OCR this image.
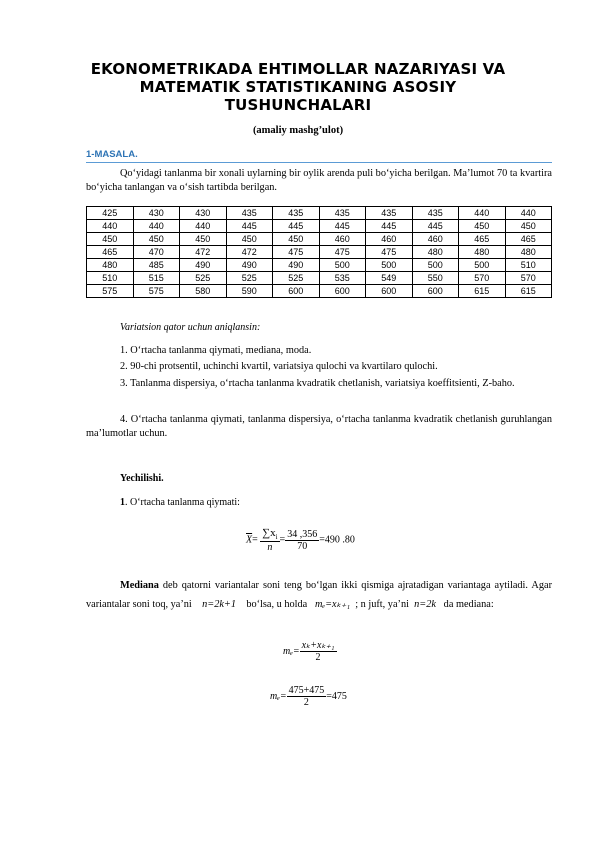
EKONOMETRIKADA EHTIMOLLAR NAZARIYASI VA MATEMATIK STATISTIKANING ASOSIY TUSHUNCHALARI
(amaliy mashg’ulot)
1-MASALA.
Qo‘yidagi tanlanma bir xonali uylarning bir oylik arenda puli bo‘yicha berilgan. Ma’lumot 70 ta kvartira bo‘yicha tanlangan va o‘sish tartibda berilgan.
425	430	430	435	435	435	435	435	440	440
440	440	440	445	445	445	445	445	450	450
450	450	450	450	450	460	460	460	465	465
465	470	472	472	475	475	475	480	480	480
480	485	490	490	490	500	500	500	500	510
510	515	525	525	525	535	549	550	570	570
575	575	580	590	600	600	600	600	615	615
Variatsion qator uchun aniqlansin:
1. O‘rtacha tanlanma qiymati, mediana, moda.
2. 90-chi protsentil, uchinchi kvartil, variatsiya qulochi va kvartilaro qulochi.
3. Tanlanma dispersiya, o‘rtacha tanlanma kvadratik chetlanish, variatsiya koeffitsienti, Z-baho.
4. O‘rtacha tanlanma qiymati, tanlanma dispersiya, o‘rtacha tanlanma kvadratik chetlanish guruhlangan ma’lumotlar uchun.
Yechilishi.
1. O‘rtacha tanlanma qiymati:
$\overline{X}= \frac{\sum x_i}{n} = \frac{34 ,356}{70} =490$ .80
Mediana deb qatorni variantalar soni teng bo‘lgan ikki qismiga ajratadigan variantaga aytiladi. Agar variantalar soni toq, ya’ni n=2k+1 bo‘lsa, u holda mₑ=xₖ₊₁ ; n juft, ya’ni n=2k da mediana:
$m_e= \frac{\text{xₖ+xₖ₊₁}}{2}$
$m_e= \frac{475+475}{2} =475$
